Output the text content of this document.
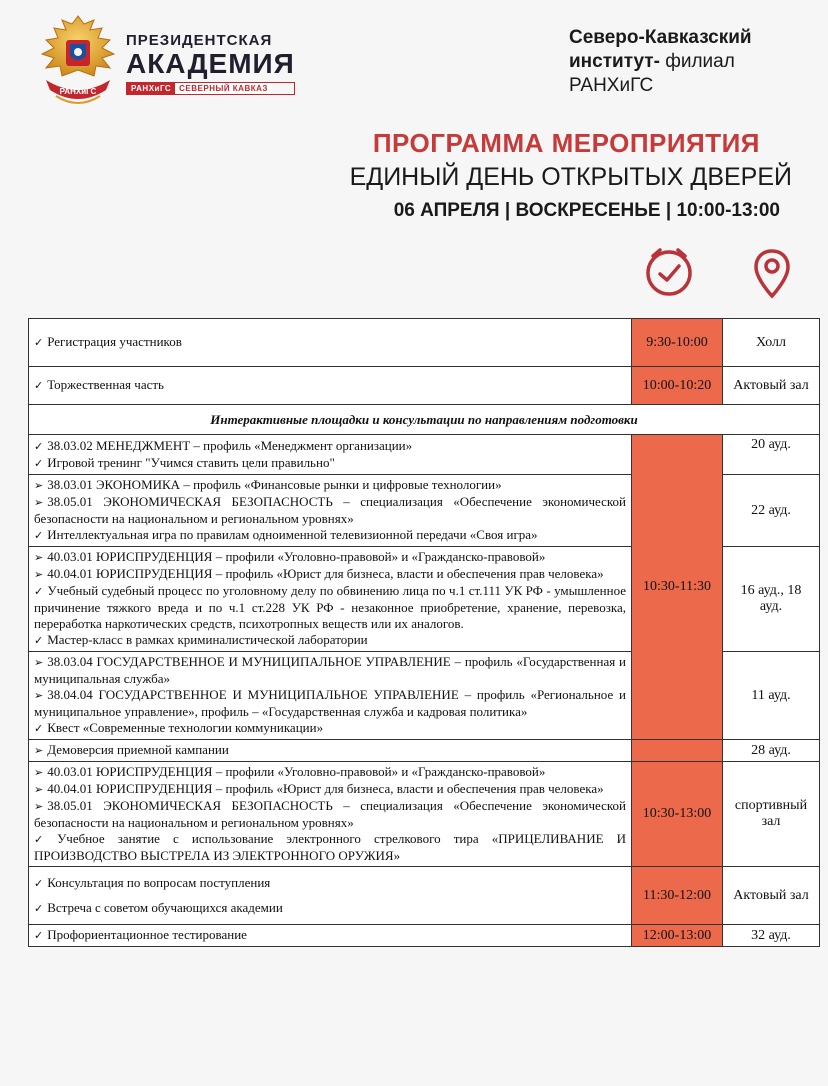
РАНХиГС
ПРЕЗИДЕНТСКАЯ
АКАДЕМИЯ
РАНХиГС	СЕВЕРНЫЙ КАВКАЗ
Северо-Кавказский
институт- филиал
РАНХиГС
ПРОГРАММА МЕРОПРИЯТИЯ
ЕДИНЫЙ ДЕНЬ ОТКРЫТЫХ ДВЕРЕЙ
06 АПРЕЛЯ | ВОСКРЕСЕНЬЕ | 10:00-13:00
✓ Регистрация участников	9:30-10:00	Холл

✓ Торжественная часть	10:00-10:20	Актовый зал
Интерактивные площадки и консультации по направлениям подготовки		

✓ 38.03.02 МЕНЕДЖМЕНТ – профиль «Менеджмент организации»
✓ Игровой тренинг "Учимся ставить цели правильно"	10:30-11:30	20 ауд.

➢ 38.03.01 ЭКОНОМИКА – профиль «Финансовые рынки и цифровые технологии»
➢ 38.05.01 ЭКОНОМИЧЕСКАЯ БЕЗОПАСНОСТЬ – специализация «Обеспечение экономической безопасности на национальном и региональном уровнях»
✓ Интеллектуальная игра по правилам одноименной телевизионной передачи «Своя игра»		22 ауд.

➢ 40.03.01 ЮРИСПРУДЕНЦИЯ – профили «Уголовно-правовой» и «Гражданско-правовой»
➢ 40.04.01 ЮРИСПРУДЕНЦИЯ – профиль «Юрист для бизнеса, власти и обеспечения прав человека»
✓ Учебный судебный процесс по уголовному делу по обвинению лица по ч.1 ст.111 УК РФ - умышленное причинение тяжкого вреда и по ч.1 ст.228 УК РФ - незаконное приобретение, хранение, перевозка, переработка наркотических средств, психотропных веществ или их аналогов.
✓ Мастер-класс в рамках криминалистической лаборатории		16 ауд., 18 ауд.

➢ 38.03.04 ГОСУДАРСТВЕННОЕ И МУНИЦИПАЛЬНОЕ УПРАВЛЕНИЕ – профиль «Государственная и муниципальная служба»
➢ 38.04.04 ГОСУДАРСТВЕННОЕ И МУНИЦИПАЛЬНОЕ УПРАВЛЕНИЕ – профиль «Региональное и муниципальное управление», профиль – «Государственная служба и кадровая политика»
✓ Квест «Современные технологии коммуникации»		11 ауд.

➢ Демоверсия приемной кампании		28 ауд.

➢ 40.03.01 ЮРИСПРУДЕНЦИЯ – профили «Уголовно-правовой» и «Гражданско-правовой»
➢ 40.04.01 ЮРИСПРУДЕНЦИЯ – профиль «Юрист для бизнеса, власти и обеспечения прав человека»
➢ 38.05.01 ЭКОНОМИЧЕСКАЯ БЕЗОПАСНОСТЬ – специализация «Обеспечение экономической безопасности на национальном и региональном уровнях»
✓ Учебное занятие с использование электронного стрелкового тира «ПРИЦЕЛИВАНИЕ И ПРОИЗВОДСТВО ВЫСТРЕЛА ИЗ ЭЛЕКТРОННОГО ОРУЖИЯ»	10:30-13:00	спортивный зал

✓ Консультация по вопросам поступления
✓ Встреча с советом обучающихся академии	11:30-12:00	Актовый зал

✓ Профориентационное тестирование	12:00-13:00	32 ауд.
